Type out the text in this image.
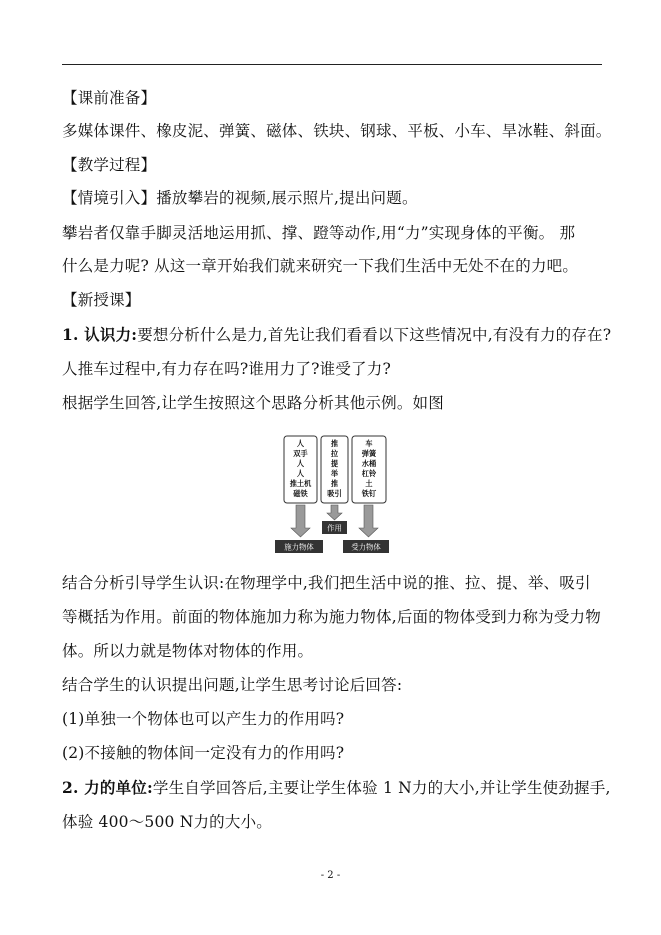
【课前准备】
多媒体课件、橡皮泥、弹簧、磁体、铁块、钢球、平板、小车、旱冰鞋、斜面。
【教学过程】
【情境引入】播放攀岩的视频,展示照片,提出问题。
攀岩者仅靠手脚灵活地运用抓、撑、蹬等动作,用“力”实现身体的平衡。 那
什么是力呢? 从这一章开始我们就来研究一下我们生活中无处不在的力吧。
【新授课】
1. 认识力:要想分析什么是力,首先让我们看看以下这些情况中,有没有力的存在?
人推车过程中,有力存在吗?谁用力了?谁受了力?
根据学生回答,让学生按照这个思路分析其他示例。如图
人
双手
人
人
推土机
磁铁
推
拉
提
举
推
吸引
车
弹簧
水桶
杠铃
土
铁钉
施力物体
作用
受力物体
结合分析引导学生认识:在物理学中,我们把生活中说的推、拉、提、举、吸引
等概括为作用。前面的物体施加力称为施力物体,后面的物体受到力称为受力物
体。所以力就是物体对物体的作用。
结合学生的认识提出问题,让学生思考讨论后回答:
(1)单独一个物体也可以产生力的作用吗?
(2)不接触的物体间一定没有力的作用吗?
2. 力的单位:学生自学回答后,主要让学生体验 1 N力的大小,并让学生使劲握手,
体验 400～500 N力的大小。
- 2 -
